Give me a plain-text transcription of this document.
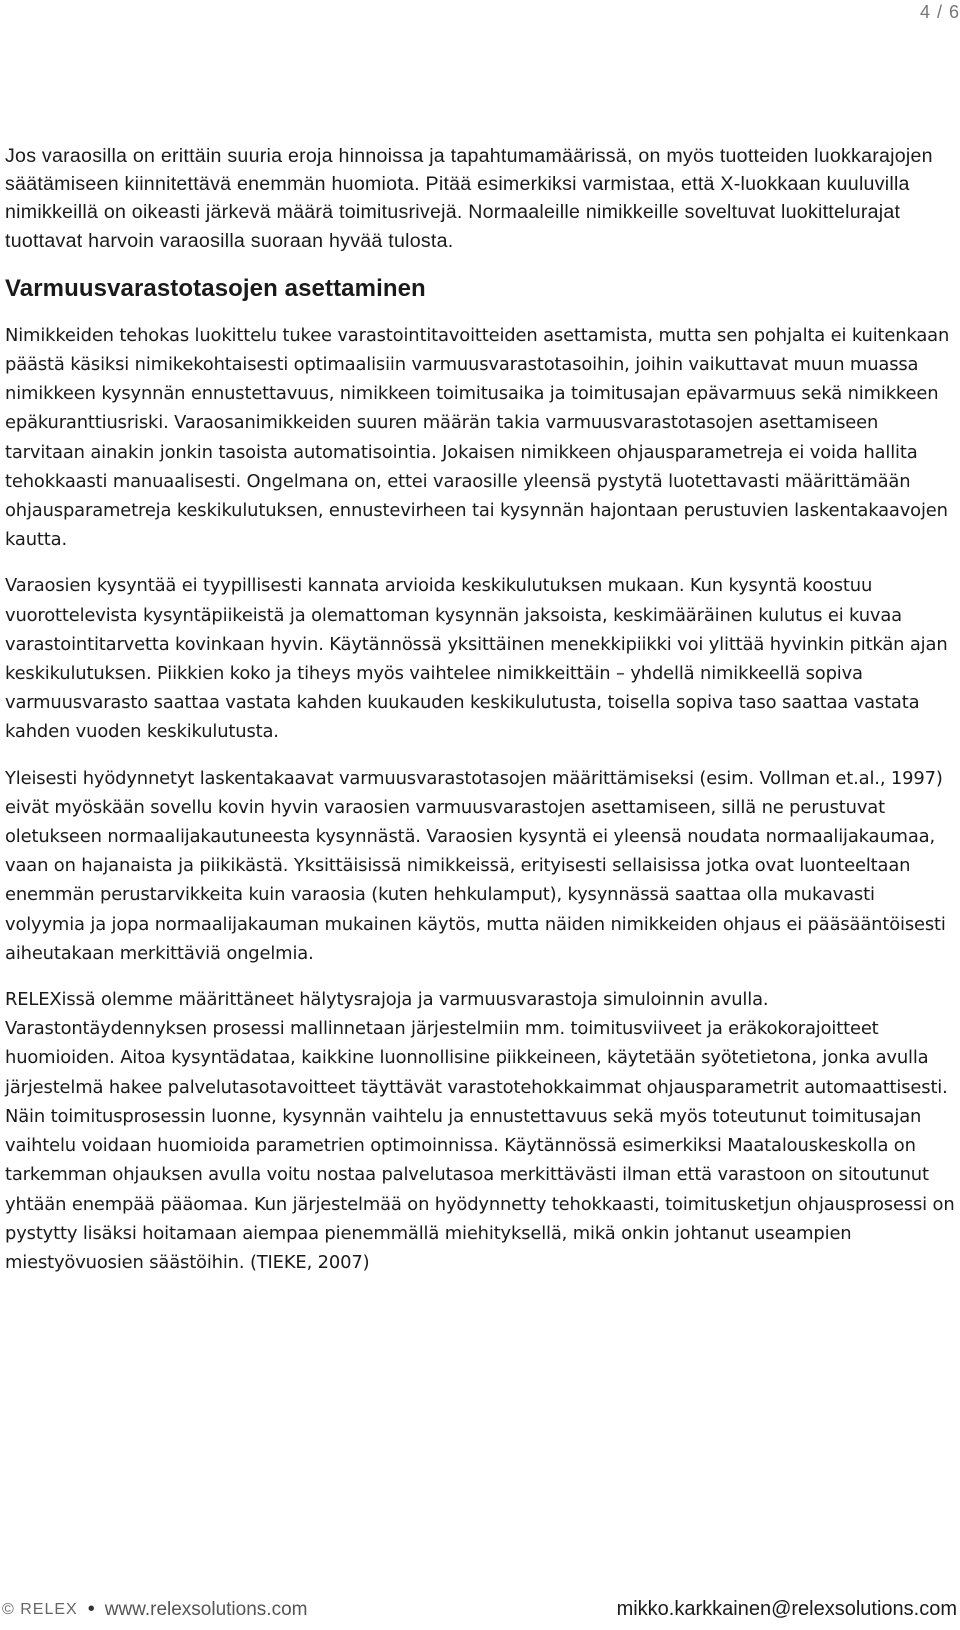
4 / 6

Jos varaosilla on erittäin suuria eroja hinnoissa ja tapahtumamäärissä, on myös tuotteiden luokkarajojen säätämiseen kiinnitettävä enemmän huomiota. Pitää esimerkiksi varmistaa, että X-luokkaan kuuluvilla nimikkeillä on oikeasti järkevä määrä toimitusrivejä. Normaaleille nimikkeille soveltuvat luokittelurajat tuottavat harvoin varaosilla suoraan hyvää tulosta.

Varmuusvarastotasojen asettaminen

Nimikkeiden tehokas luokittelu tukee varastointitavoitteiden asettamista, mutta sen pohjalta ei kuitenkaan päästä käsiksi nimikekohtaisesti optimaalisiin varmuusvarastotasoihin, joihin vaikuttavat muun muassa nimikkeen kysynnän ennustettavuus, nimikkeen toimitusaika ja toimitusajan epävarmuus sekä nimikkeen epäkuranttiusriski. Varaosanimikkeiden suuren määrän takia varmuusvarastotasojen asettamiseen tarvitaan ainakin jonkin tasoista automatisointia. Jokaisen nimikkeen ohjausparametreja ei voida hallita tehokkaasti manuaalisesti. Ongelmana on, ettei varaosille yleensä pystytä luotettavasti määrittämään ohjausparametreja keskikulutuksen, ennustevirheen tai kysynnän hajontaan perustuvien laskentakaavojen kautta.

Varaosien kysyntää ei tyypillisesti kannata arvioida keskikulutuksen mukaan. Kun kysyntä koostuu vuorottelevista kysyntäpiikeistä ja olemattoman kysynnän jaksoista, keskimääräinen kulutus ei kuvaa varastointitarvetta kovinkaan hyvin. Käytännössä yksittäinen menekkipiikki voi ylittää hyvinkin pitkän ajan keskikulutuksen. Piikkien koko ja tiheys myös vaihtelee nimikkeittäin – yhdellä nimikkeellä sopiva varmuusvarasto saattaa vastata kahden kuukauden keskikulutusta, toisella sopiva taso saattaa vastata kahden vuoden keskikulutusta.

Yleisesti hyödynnetyt laskentakaavat varmuusvarastotasojen määrittämiseksi (esim. Vollman et.al., 1997) eivät myöskään sovellu kovin hyvin varaosien varmuusvarastojen asettamiseen, sillä ne perustuvat oletukseen normaalijakautuneesta kysynnästä. Varaosien kysyntä ei yleensä noudata normaalijakaumaa, vaan on hajanaista ja piikikästä. Yksittäisissä nimikkeissä, erityisesti sellaisissa jotka ovat luonteeltaan enemmän perustarvikkeita kuin varaosia (kuten hehkulamput), kysynnässä saattaa olla mukavasti volyymia ja jopa normaalijakauman mukainen käytös, mutta näiden nimikkeiden ohjaus ei pääsääntöisesti aiheutakaan merkittäviä ongelmia.

RELEXissä olemme määrittäneet hälytysrajoja ja varmuusvarastoja simuloinnin avulla. Varastontäydennyksen prosessi mallinnetaan järjestelmiin mm. toimitusviiveet ja eräkokorajoitteet huomioiden. Aitoa kysyntädataa, kaikkine luonnollisine piikkeineen, käytetään syötetietona, jonka avulla järjestelmä hakee palvelutasotavoitteet täyttävät varastotehokkaimmat ohjausparametrit automaattisesti. Näin toimitusprosessin luonne, kysynnän vaihtelu ja ennustettavuus sekä myös toteutunut toimitusajan vaihtelu voidaan huomioida parametrien optimoinnissa. Käytännössä esimerkiksi Maatalouskeskolla on tarkemman ohjauksen avulla voitu nostaa palvelutasoa merkittävästi ilman että varastoon on sitoutunut yhtään enempää pääomaa. Kun järjestelmää on hyödynnetty tehokkaasti, toimitusketjun ohjausprosessi on pystytty lisäksi hoitamaan aiempaa pienemmällä miehityksellä, mikä onkin johtanut useampien miestyövuosien säästöihin. (TIEKE, 2007)

© RELEX • www.relexsolutions.com	mikko.karkkainen@relexsolutions.com
